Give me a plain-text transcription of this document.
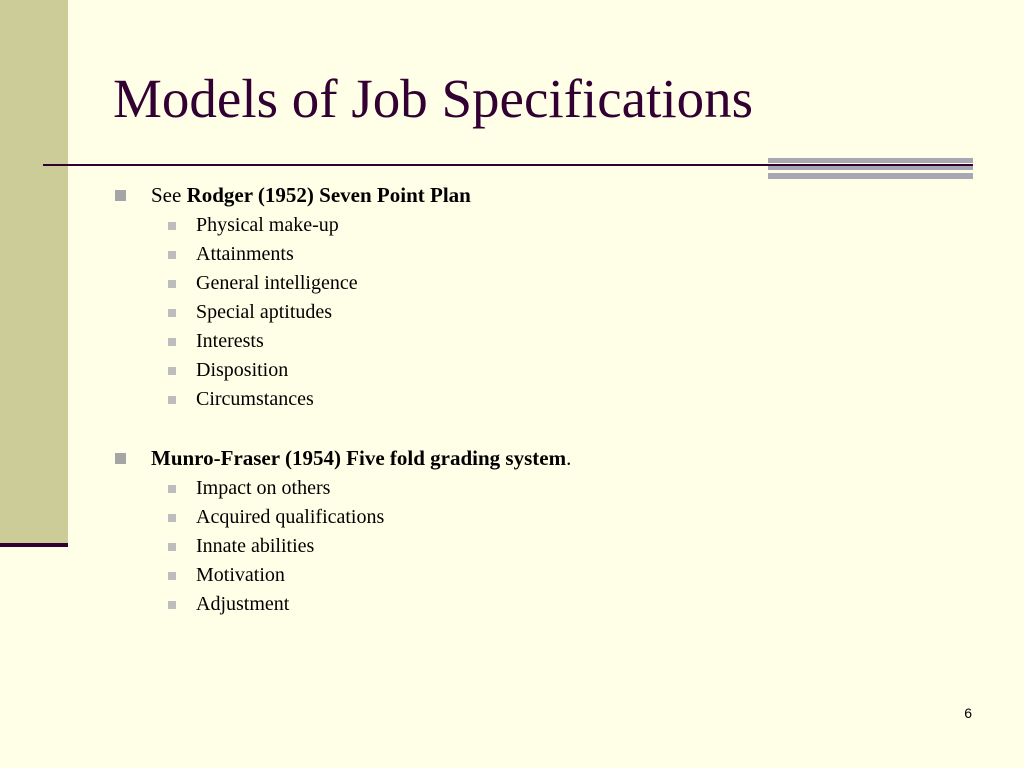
Models of Job Specifications
See Rodger (1952) Seven Point Plan
Physical make-up
Attainments
General intelligence
Special aptitudes
Interests
Disposition
Circumstances
Munro-Fraser (1954) Five fold grading system.
Impact on others
Acquired qualifications
Innate abilities
Motivation
Adjustment
6
